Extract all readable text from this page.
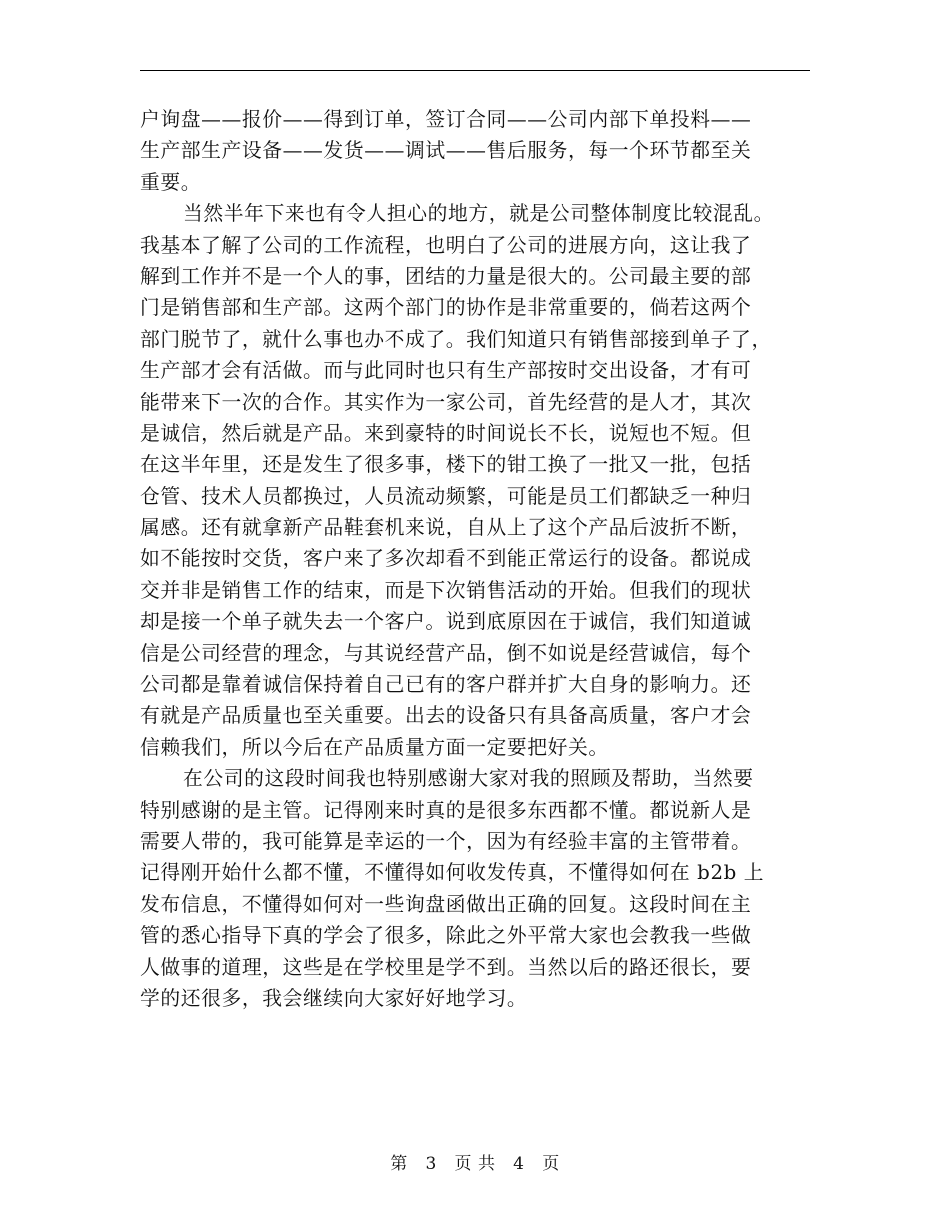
户询盘——报价——得到订单，签订合同——公司内部下单投料——
生产部生产设备——发货——调试——售后服务，每一个环节都至关
重要。
当然半年下来也有令人担心的地方，就是公司整体制度比较混乱。
我基本了解了公司的工作流程，也明白了公司的进展方向，这让我了
解到工作并不是一个人的事，团结的力量是很大的。公司最主要的部
门是销售部和生产部。这两个部门的协作是非常重要的，倘若这两个
部门脱节了，就什么事也办不成了。我们知道只有销售部接到单子了，
生产部才会有活做。而与此同时也只有生产部按时交出设备，才有可
能带来下一次的合作。其实作为一家公司，首先经营的是人才，其次
是诚信，然后就是产品。来到豪特的时间说长不长，说短也不短。但
在这半年里，还是发生了很多事，楼下的钳工换了一批又一批，包括
仓管、技术人员都换过，人员流动频繁，可能是员工们都缺乏一种归
属感。还有就拿新产品鞋套机来说，自从上了这个产品后波折不断，
如不能按时交货，客户来了多次却看不到能正常运行的设备。都说成
交并非是销售工作的结束，而是下次销售活动的开始。但我们的现状
却是接一个单子就失去一个客户。说到底原因在于诚信，我们知道诚
信是公司经营的理念，与其说经营产品，倒不如说是经营诚信，每个
公司都是靠着诚信保持着自己已有的客户群并扩大自身的影响力。还
有就是产品质量也至关重要。出去的设备只有具备高质量，客户才会
信赖我们，所以今后在产品质量方面一定要把好关。
在公司的这段时间我也特别感谢大家对我的照顾及帮助，当然要
特别感谢的是主管。记得刚来时真的是很多东西都不懂。都说新人是
需要人带的，我可能算是幸运的一个，因为有经验丰富的主管带着。
记得刚开始什么都不懂，不懂得如何收发传真，不懂得如何在 b2b 上
发布信息，不懂得如何对一些询盘函做出正确的回复。这段时间在主
管的悉心指导下真的学会了很多，除此之外平常大家也会教我一些做
人做事的道理，这些是在学校里是学不到。当然以后的路还很长，要
学的还很多，我会继续向大家好好地学习。
第 3 页 共 4 页
